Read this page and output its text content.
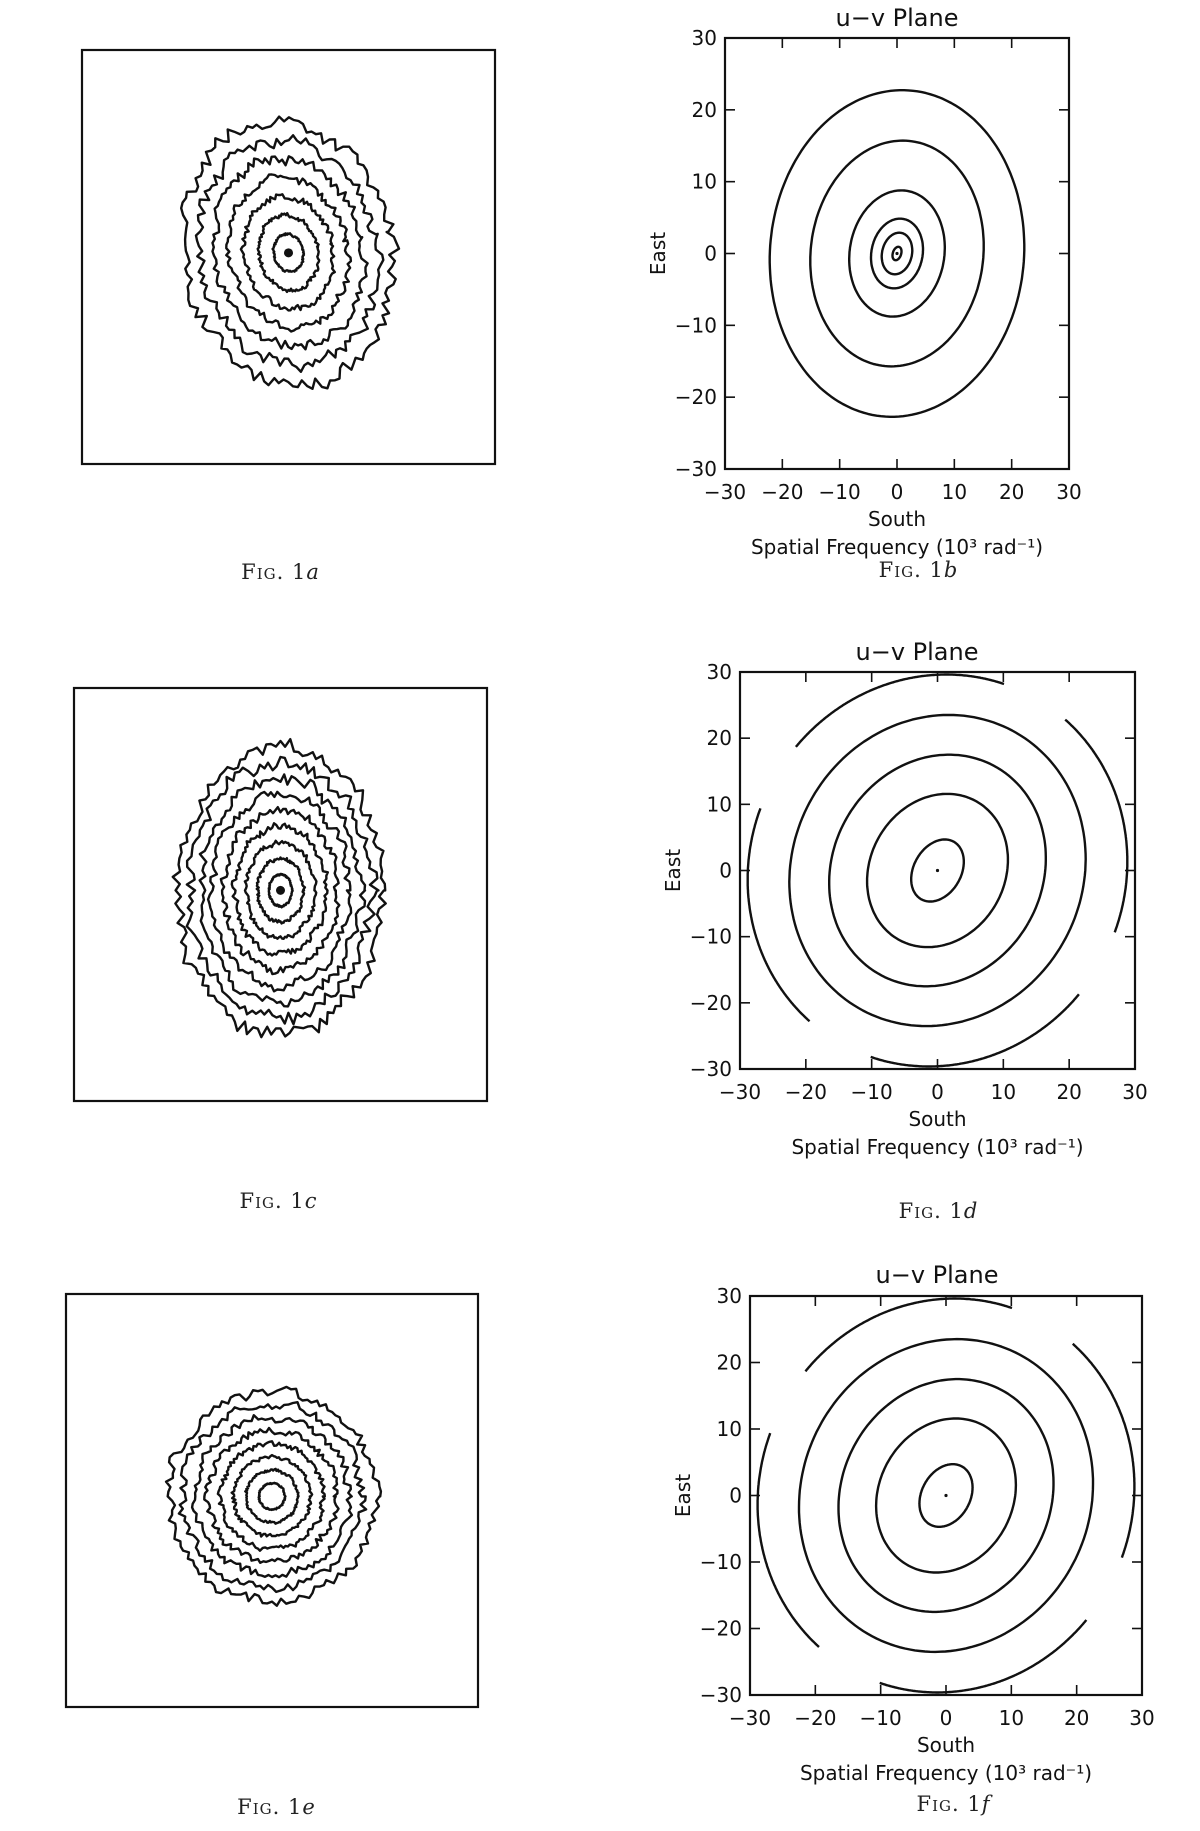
Fig. 1a
u−v Plane
−30 −20 −10 0 10 20 30
30
20
10
0
−10
−20
−30
South
Spatial Frequency (10³ rad⁻¹)
East
Fig. 1b
Fig. 1c
u−v Plane
−30 −20 −10 0 10 20 30
30
20
10
0
−10
−20
−30
South
Spatial Frequency (10³ rad⁻¹)
East
Fig. 1d
Fig. 1e
u−v Plane
−30 −20 −10 0 10 20 30
30
20
10
0
−10
−20
−30
South
Spatial Frequency (10³ rad⁻¹)
East
Fig. 1f
